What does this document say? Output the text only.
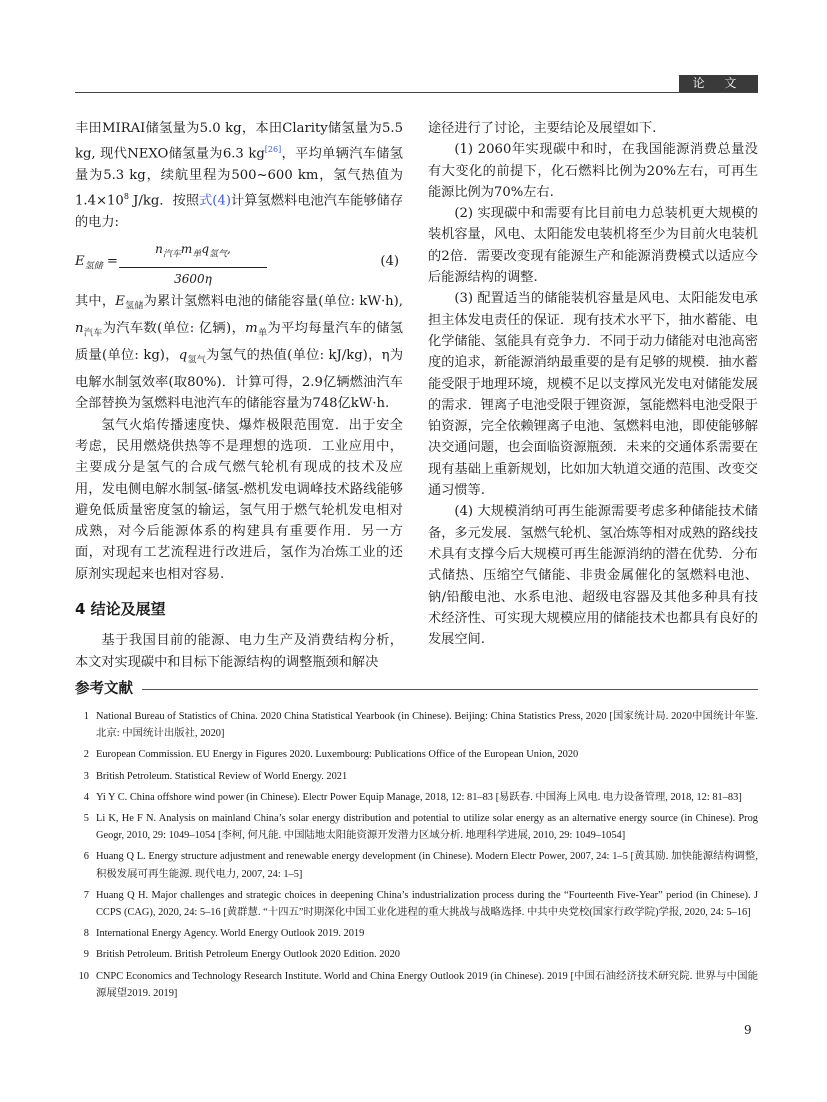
论 文

丰田MIRAI储氢量为5.0 kg，本田Clarity储氢量为5.5 kg, 现代NEXO储氢量为6.3 kg[26]，平均单辆汽车储氢量为5.3 kg，续航里程为500~600 km，氢气热值为$1.4\times 10^8$ J/kg．按照式(4)计算氢燃料电池汽车能够储存的电力:

$E_{氢储}$ =
$n_{汽车}m_单q_{氢气}$,
3600η
(4)

其中，$E_{氢储}$为累计氢燃料电池的储能容量(单位: kW·h), $n_{汽车}$为汽车数(单位: 亿辆)，$m_单$为平均每量汽车的储氢质量(单位: kg)，$q_{氢气}$为氢气的热值(单位: kJ/kg)，η为电解水制氢效率(取80%)．计算可得，2.9亿辆燃油汽车全部替换为氢燃料电池汽车的储能容量为748亿kW·h.

氢气火焰传播速度快、爆炸极限范围宽．出于安全考虑，民用燃烧供热等不是理想的选项．工业应用中，主要成分是氢气的合成气燃气轮机有现成的技术及应用，发电侧电解水制氢-储氢-燃机发电调峰技术路线能够避免低质量密度氢的输运，氢气用于燃气轮机发电相对成熟，对今后能源体系的构建具有重要作用．另一方面，对现有工艺流程进行改进后，氢作为冶炼工业的还原剂实现起来也相对容易.

4 结论及展望

基于我国目前的能源、电力生产及消费结构分析，本文对实现碳中和目标下能源结构的调整瓶颈和解决

途径进行了讨论，主要结论及展望如下.

(1) 2060年实现碳中和时，在我国能源消费总量没有大变化的前提下，化石燃料比例为20%左右，可再生能源比例为70%左右.

(2) 实现碳中和需要有比目前电力总装机更大规模的装机容量，风电、太阳能发电装机将至少为目前火电装机的2倍．需要改变现有能源生产和能源消费模式以适应今后能源结构的调整.

(3) 配置适当的储能装机容量是风电、太阳能发电承担主体发电责任的保证．现有技术水平下，抽水蓄能、电化学储能、氢能具有竞争力．不同于动力储能对电池高密度的追求，新能源消纳最重要的是有足够的规模．抽水蓄能受限于地理环境，规模不足以支撑风光发电对储能发展的需求．锂离子电池受限于锂资源，氢能燃料电池受限于铂资源，完全依赖锂离子电池、氢燃料电池，即使能够解决交通问题，也会面临资源瓶颈．未来的交通体系需要在现有基础上重新规划，比如加大轨道交通的范围、改变交通习惯等.

(4) 大规模消纳可再生能源需要考虑多种储能技术储备，多元发展．氢燃气轮机、氢冶炼等相对成熟的路线技术具有支撑今后大规模可再生能源消纳的潜在优势．分布式储热、压缩空气储能、非贵金属催化的氢燃料电池、钠/铅酸电池、水系电池、超级电容器及其他多种具有技术经济性、可实现大规模应用的储能技术也都具有良好的发展空间.

参考文献
1 National Bureau of Statistics of China. 2020 China Statistical Yearbook (in Chinese). Beijing: China Statistics Press, 2020 [国家统计局. 2020中国统计年鉴. 北京: 中国统计出版社, 2020]
2 European Commission. EU Energy in Figures 2020. Luxembourg: Publications Office of the European Union, 2020
3 British Petroleum. Statistical Review of World Energy. 2021
4 Yi Y C. China offshore wind power (in Chinese). Electr Power Equip Manage, 2018, 12: 81–83 [易跃春. 中国海上风电. 电力设备管理, 2018, 12: 81–83]
5 Li K, He F N. Analysis on mainland China’s solar energy distribution and potential to utilize solar energy as an alternative energy source (in Chinese). Prog Geogr, 2010, 29: 1049–1054 [李柯, 何凡能. 中国陆地太阳能资源开发潜力区域分析. 地理科学进展, 2010, 29: 1049–1054]
6 Huang Q L. Energy structure adjustment and renewable energy development (in Chinese). Modern Electr Power, 2007, 24: 1–5 [黄其励. 加快能源结构调整, 积极发展可再生能源. 现代电力, 2007, 24: 1–5]
7 Huang Q H. Major challenges and strategic choices in deepening China’s industrialization process during the “Fourteenth Five-Year” period (in Chinese). J CCPS (CAG), 2020, 24: 5–16 [黄群慧. “十四五”时期深化中国工业化进程的重大挑战与战略选择. 中共中央党校(国家行政学院)学报, 2020, 24: 5–16]
8 International Energy Agency. World Energy Outlook 2019. 2019
9 British Petroleum. British Petroleum Energy Outlook 2020 Edition. 2020
10 CNPC Economics and Technology Research Institute. World and China Energy Outlook 2019 (in Chinese). 2019 [中国石油经济技术研究院. 世界与中国能源展望2019. 2019]
9
